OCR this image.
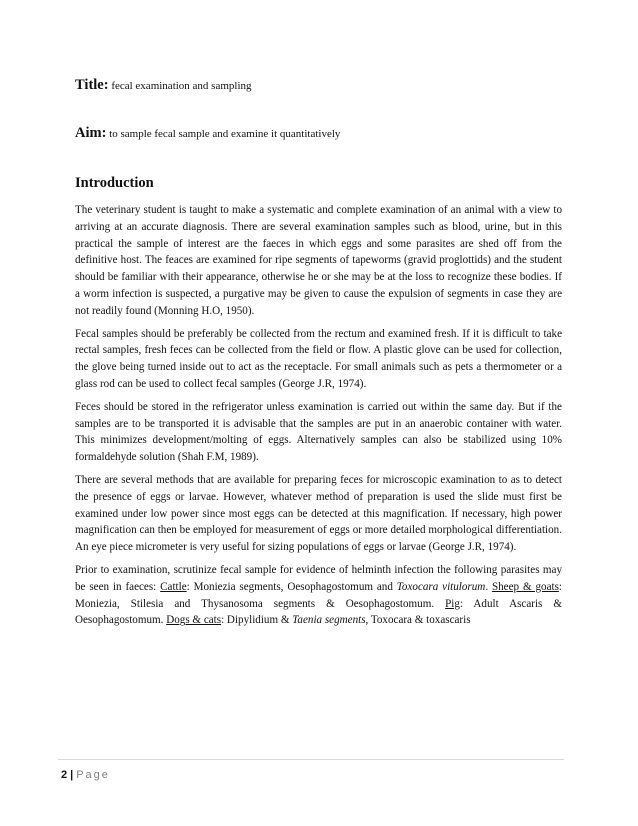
Title: fecal examination and sampling
Aim: to sample fecal sample and examine it quantitatively
Introduction

The veterinary student is taught to make a systematic and complete examination of an animal with a view to arriving at an accurate diagnosis. There are several examination samples such as blood, urine, but in this practical the sample of interest are the faeces in which eggs and some parasites are shed off from the definitive host. The feaces are examined for ripe segments of tapeworms (gravid proglottids) and the student should be familiar with their appearance, otherwise he or she may be at the loss to recognize these bodies. If a worm infection is suspected, a purgative may be given to cause the expulsion of segments in case they are not readily found (Monning H.O, 1950).

Fecal samples should be preferably be collected from the rectum and examined fresh. If it is difficult to take rectal samples, fresh feces can be collected from the field or flow. A plastic glove can be used for collection, the glove being turned inside out to act as the receptacle. For small animals such as pets a thermometer or a glass rod can be used to collect fecal samples (George J.R, 1974).

Feces should be stored in the refrigerator unless examination is carried out within the same day. But if the samples are to be transported it is advisable that the samples are put in an anaerobic container with water. This minimizes development/molting of eggs. Alternatively samples can also be stabilized using 10% formaldehyde solution (Shah F.M, 1989).

There are several methods that are available for preparing feces for microscopic examination to as to detect the presence of eggs or larvae. However, whatever method of preparation is used the slide must first be examined under low power since most eggs can be detected at this magnification. If necessary, high power magnification can then be employed for measurement of eggs or more detailed morphological differentiation. An eye piece micrometer is very useful for sizing populations of eggs or larvae (George J.R, 1974).

Prior to examination, scrutinize fecal sample for evidence of helminth infection the following parasites may be seen in faeces: Cattle: Moniezia segments, Oesophagostomum and Toxocara vitulorum. Sheep & goats: Moniezia, Stilesia and Thysanosoma segments & Oesophagostomum. Pig: Adult Ascaris & Oesophagostomum. Dogs & cats: Dipylidium & Taenia segments, Toxocara & toxascaris

2 | Page
